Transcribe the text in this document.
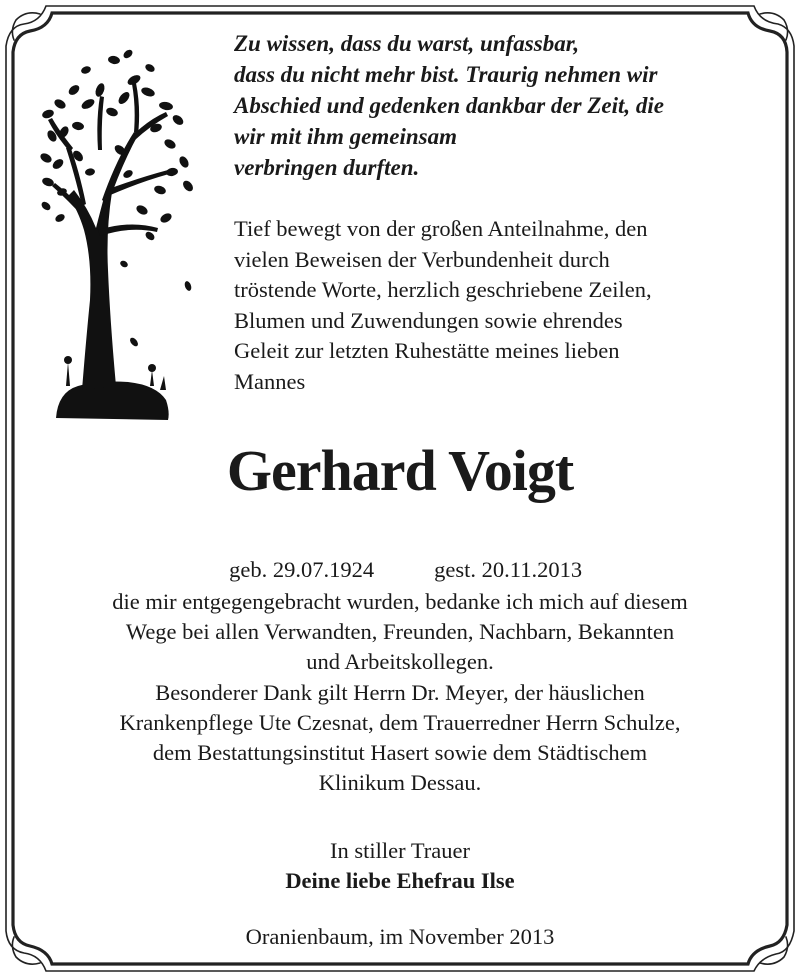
Zu wissen, dass du warst, unfassbar,
dass du nicht mehr bist. Traurig nehmen wir
Abschied und gedenken dankbar der Zeit, die
wir mit ihm gemeinsam
verbringen durften.
Tief bewegt von der großen Anteilnahme, den
vielen Beweisen der Verbundenheit durch
tröstende Worte, herzlich geschriebene Zeilen,
Blumen und Zuwendungen sowie ehrendes
Geleit zur letzten Ruhestätte meines lieben
Mannes
Gerhard Voigt

geb. 29.07.1924	gest. 20.11.2013

die mir entgegengebracht wurden, bedanke ich mich auf diesem
Wege bei allen Verwandten, Freunden, Nachbarn, Bekannten
und Arbeitskollegen.
Besonderer Dank gilt Herrn Dr. Meyer, der häuslichen
Krankenpflege Ute Czesnat, dem Trauerredner Herrn Schulze,
dem Bestattungsinstitut Hasert sowie dem Städtischem
Klinikum Dessau.
In stiller Trauer
Deine liebe Ehefrau Ilse
Oranienbaum, im November 2013
